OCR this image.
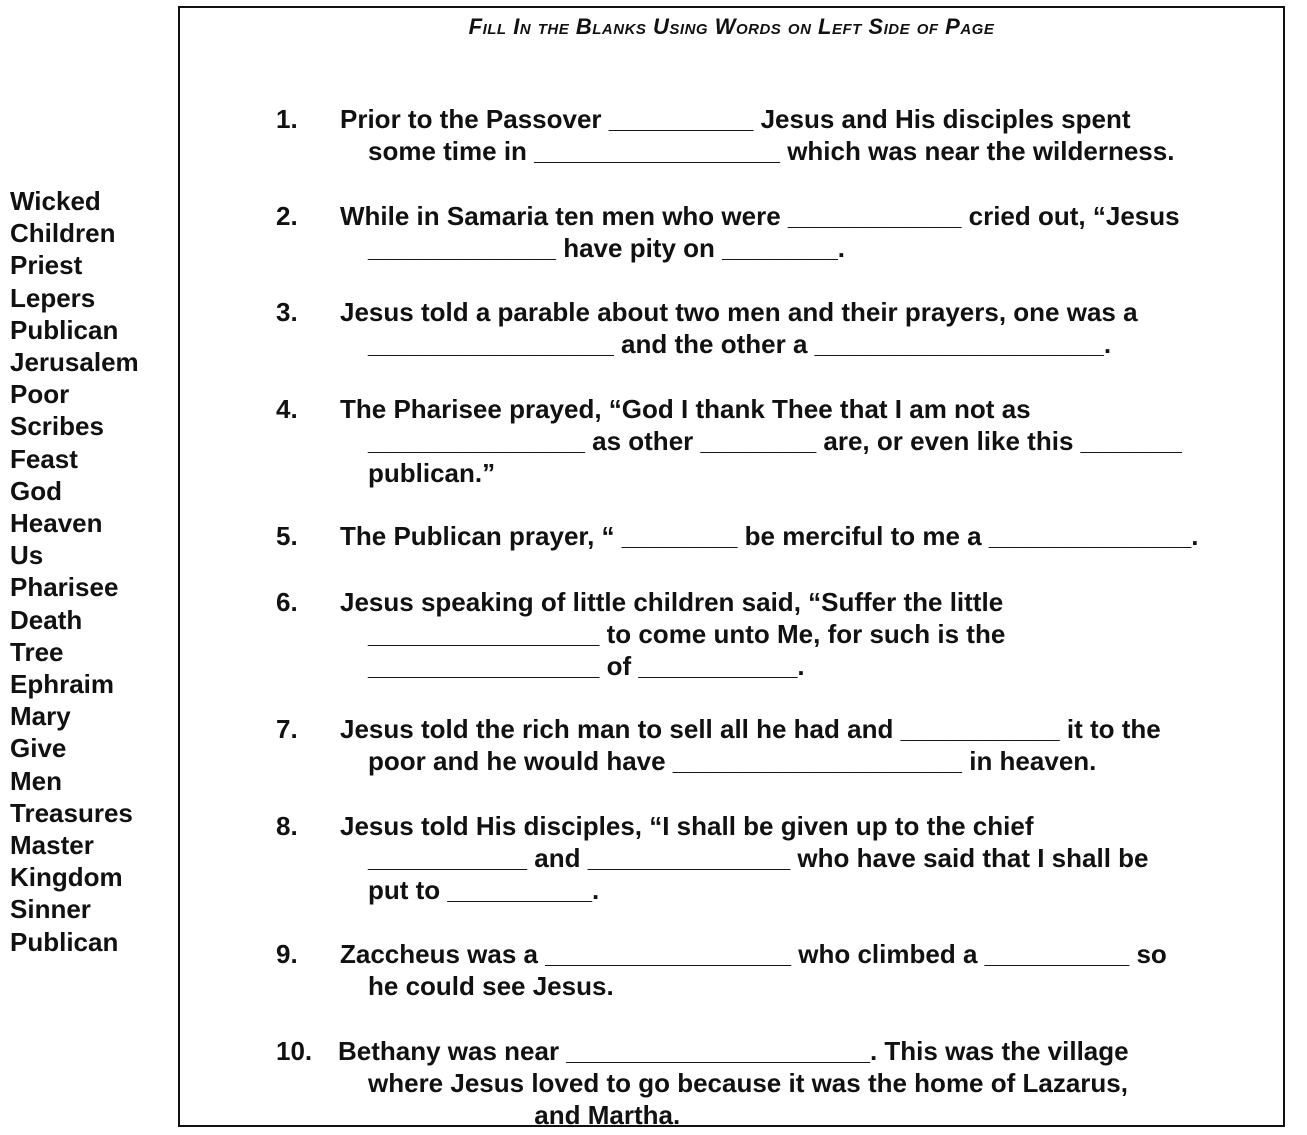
Wicked
Children
Priest
Lepers
Publican
Jerusalem
Poor
Scribes
Feast
God
Heaven
Us
Pharisee
Death
Tree
Ephraim
Mary
Give
Men
Treasures
Master
Kingdom
Sinner
Publican
Fill In the Blanks Using Words on Left Side of Page
1.	Prior to the Passover __________ Jesus and His disciples spent
some time in _________________ which was near the wilderness.
2.	While in Samaria ten men who were ____________ cried out, “Jesus
_____________ have pity on ________.
3.	Jesus told a parable about two men and their prayers, one was a
_________________ and the other a ____________________.
4.	The Pharisee prayed, “God I thank Thee that I am not as
_______________ as other ________ are, or even like this _______
publican.”
5.	The Publican prayer, “ ________ be merciful to me a ______________.
6.	Jesus speaking of little children said, “Suffer the little
________________ to come unto Me, for such is the
________________ of ___________.
7.	Jesus told the rich man to sell all he had and ___________ it to the
poor and he would have ____________________ in heaven.
8.	Jesus told His disciples, “I shall be given up to the chief
___________ and ______________ who have said that I shall be
put to __________.
9.	Zaccheus was a _________________ who climbed a __________ so
he could see Jesus.
10. Bethany was near _____________________. This was the village
where Jesus loved to go because it was the home of Lazarus,
___________ and Martha.
